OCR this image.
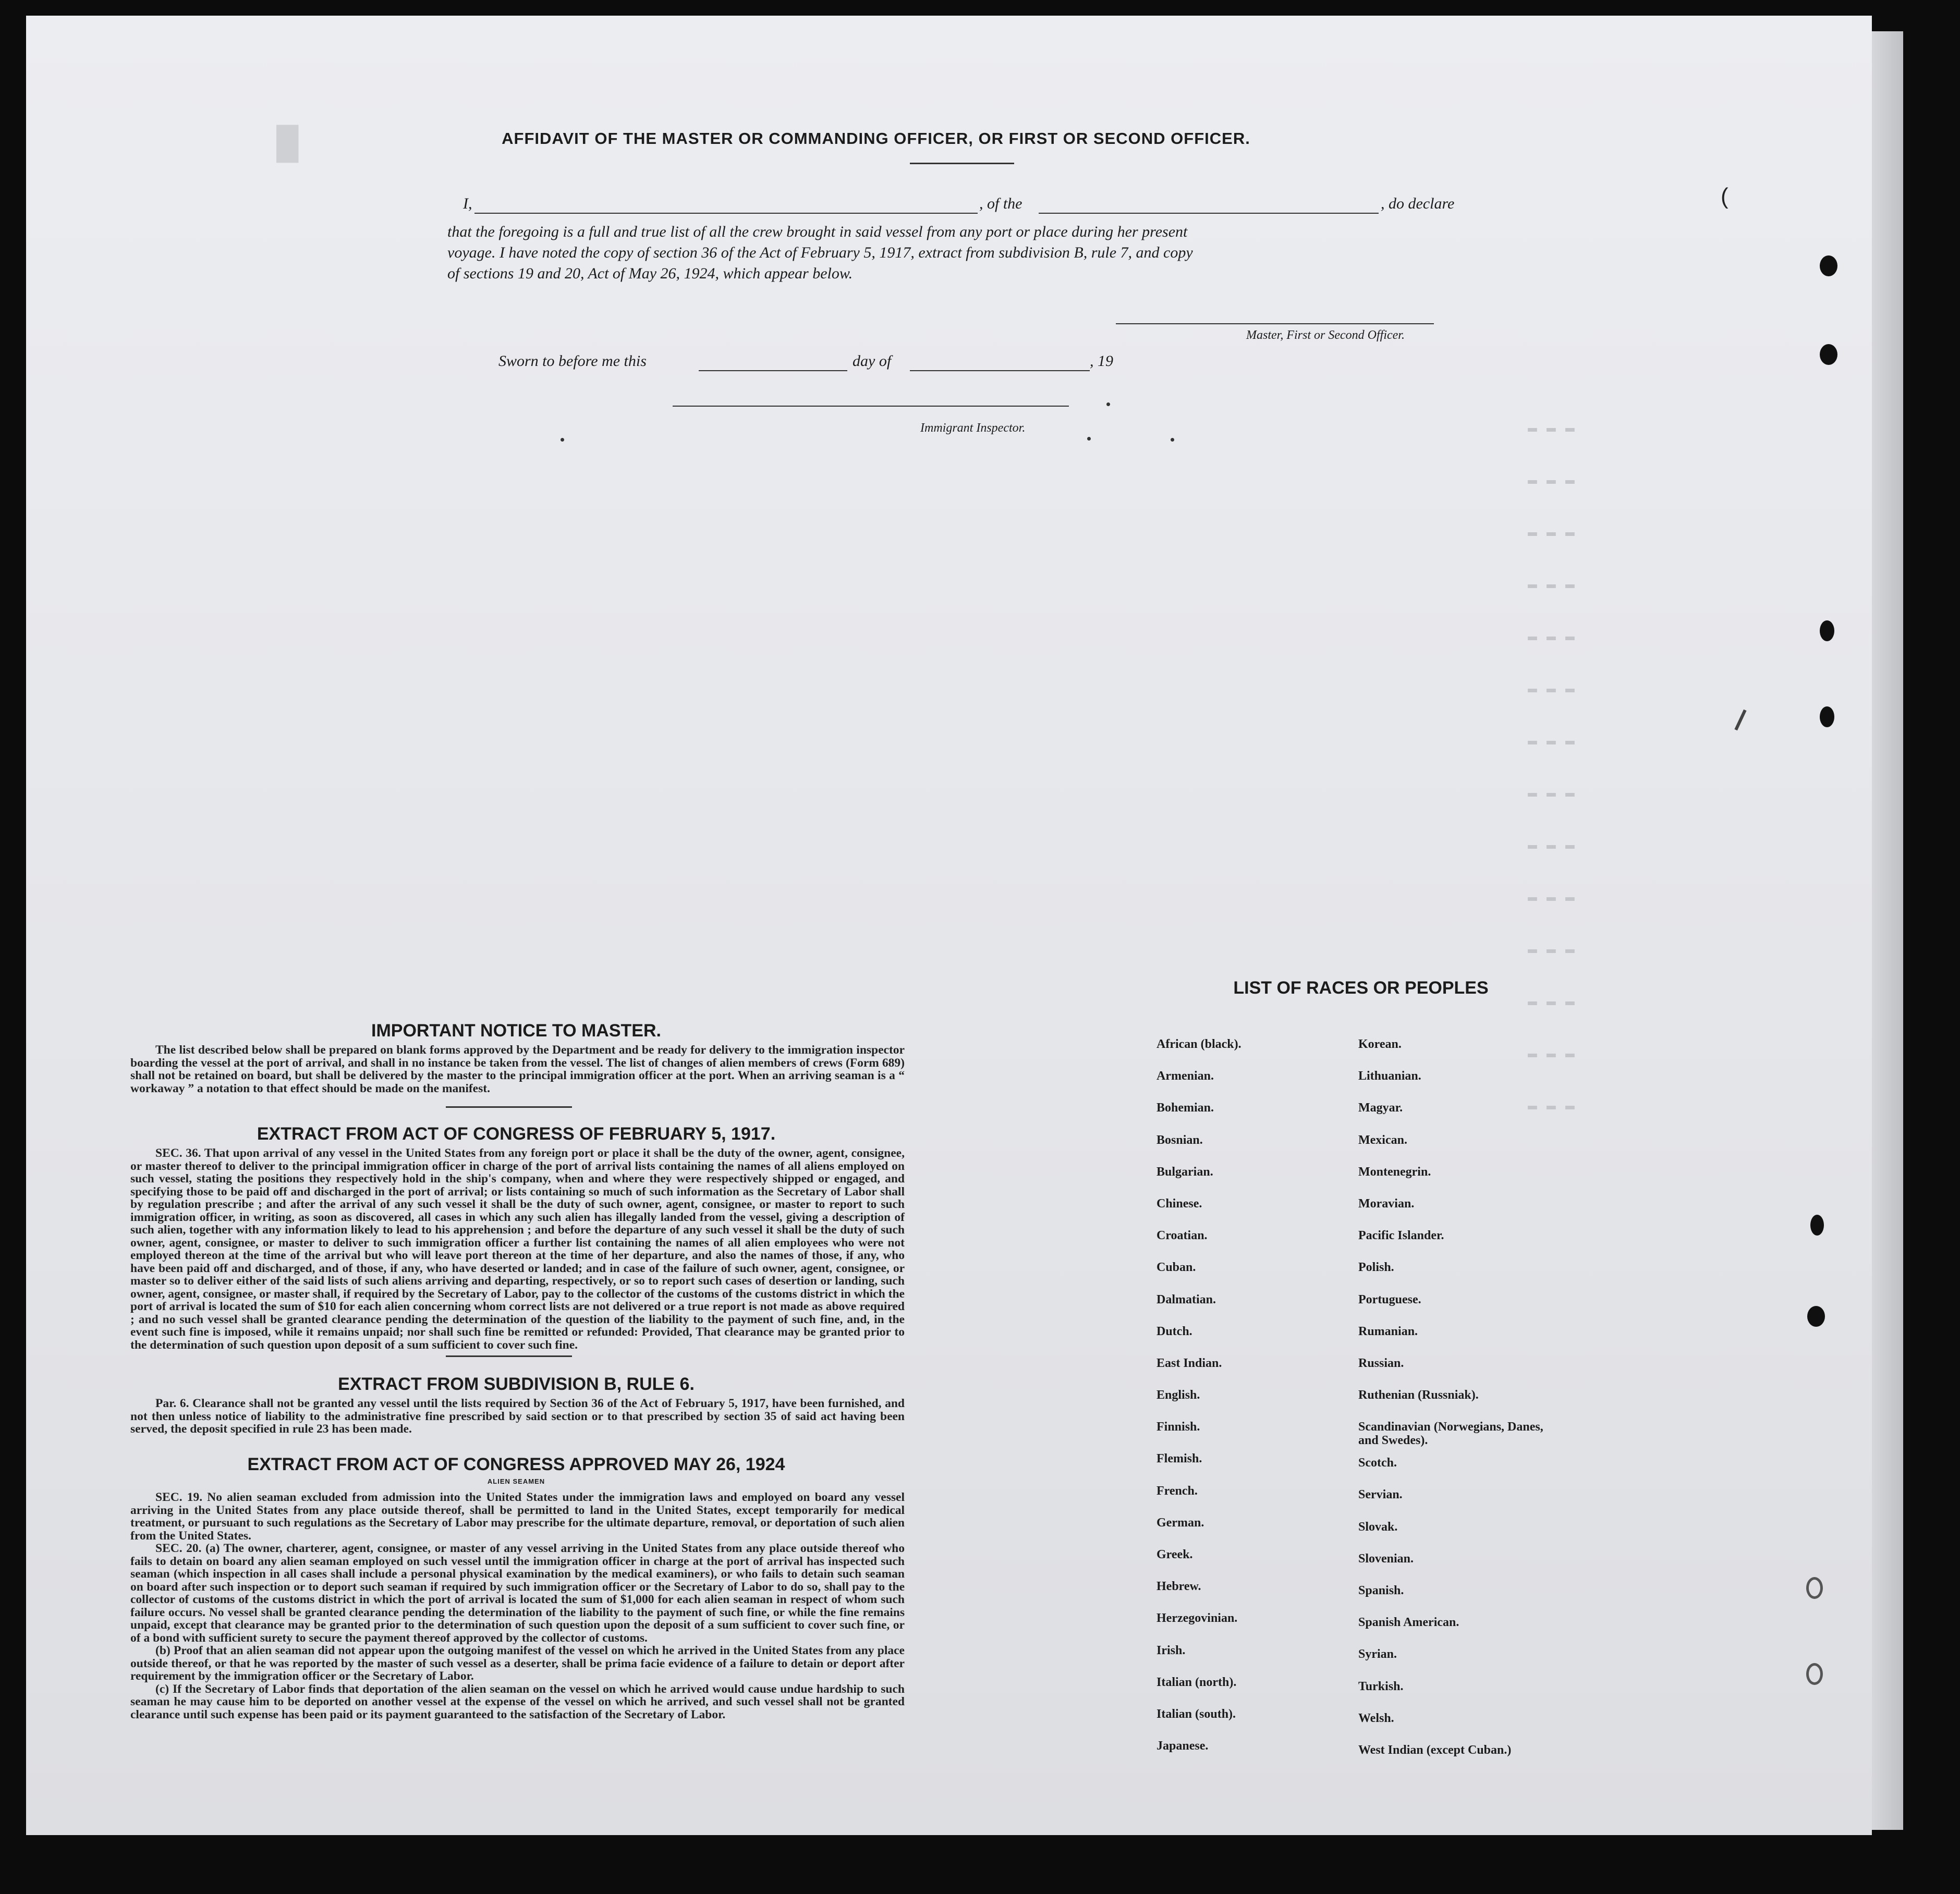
█
▬ ▬ ▬
▬ ▬ ▬
▬ ▬ ▬
▬ ▬ ▬
▬ ▬ ▬
▬ ▬ ▬
▬ ▬ ▬
▬ ▬ ▬
▬ ▬ ▬
▬ ▬ ▬
▬ ▬ ▬
▬ ▬ ▬
▬ ▬ ▬
▬ ▬ ▬
(
AFFIDAVIT OF THE MASTER OR COMMANDING OFFICER, OR FIRST OR SECOND OFFICER.
I,	, of the	, do declare
that the foregoing is a full and true list of all the crew brought in said vessel from any port or place during her present
voyage. I have noted the copy of section 36 of the Act of February 5, 1917, extract from subdivision B, rule 7, and copy
of sections 19 and 20, Act of May 26, 1924, which appear below.
Master, First or Second Officer.
Sworn to before me this	day of	, 19
Immigrant Inspector.
IMPORTANT NOTICE TO MASTER.

The list described below shall be prepared on blank forms approved by the Department and be ready for delivery to the immigration inspector boarding the vessel at the port of arrival, and shall in no instance be taken from the vessel. The list of changes of alien members of crews (Form 689) shall not be retained on board, but shall be delivered by the master to the principal immigration officer at the port. When an arriving seaman is a “ workaway ” a notation to that effect should be made on the manifest.

EXTRACT FROM ACT OF CONGRESS OF FEBRUARY 5, 1917.

SEC. 36. That upon arrival of any vessel in the United States from any foreign port or place it shall be the duty of the owner, agent, consignee, or master thereof to deliver to the principal immigration officer in charge of the port of arrival lists containing the names of all aliens employed on such vessel, stating the positions they respectively hold in the ship's company, when and where they were respectively shipped or engaged, and specifying those to be paid off and discharged in the port of arrival; or lists containing so much of such information as the Secretary of Labor shall by regulation prescribe ; and after the arrival of any such vessel it shall be the duty of such owner, agent, consignee, or master to report to such immigration officer, in writing, as soon as discovered, all cases in which any such alien has illegally landed from the vessel, giving a description of such alien, together with any information likely to lead to his apprehension ; and before the departure of any such vessel it shall be the duty of such owner, agent, consignee, or master to deliver to such immigration officer a further list containing the names of all alien employees who were not employed thereon at the time of the arrival but who will leave port thereon at the time of her departure, and also the names of those, if any, who have been paid off and discharged, and of those, if any, who have deserted or landed; and in case of the failure of such owner, agent, consignee, or master so to deliver either of the said lists of such aliens arriving and departing, respectively, or so to report such cases of desertion or landing, such owner, agent, consignee, or master shall, if required by the Secretary of Labor, pay to the collector of the customs of the customs district in which the port of arrival is located the sum of $10 for each alien concerning whom correct lists are not delivered or a true report is not made as above required ; and no such vessel shall be granted clearance pending the determination of the question of the liability to the payment of such fine, and, in the event such fine is imposed, while it remains unpaid; nor shall such fine be remitted or refunded: Provided, That clearance may be granted prior to the determination of such question upon deposit of a sum sufficient to cover such fine.

EXTRACT FROM SUBDIVISION B, RULE 6.

Par. 6. Clearance shall not be granted any vessel until the lists required by Section 36 of the Act of February 5, 1917, have been furnished, and not then unless notice of liability to the administrative fine prescribed by said section or to that prescribed by section 35 of said act having been served, the deposit specified in rule 23 has been made.

EXTRACT FROM ACT OF CONGRESS APPROVED MAY 26, 1924
ALIEN SEAMEN

SEC. 19. No alien seaman excluded from admission into the United States under the immigration laws and employed on board any vessel arriving in the United States from any place outside thereof, shall be permitted to land in the United States, except temporarily for medical treatment, or pursuant to such regulations as the Secretary of Labor may prescribe for the ultimate departure, removal, or deportation of such alien from the United States.

SEC. 20. (a) The owner, charterer, agent, consignee, or master of any vessel arriving in the United States from any place outside thereof who fails to detain on board any alien seaman employed on such vessel until the immigration officer in charge at the port of arrival has inspected such seaman (which inspection in all cases shall include a personal physical examination by the medical examiners), or who fails to detain such seaman on board after such inspection or to deport such seaman if required by such immigration officer or the Secretary of Labor to do so, shall pay to the collector of customs of the customs district in which the port of arrival is located the sum of $1,000 for each alien seaman in respect of whom such failure occurs. No vessel shall be granted clearance pending the determination of the liability to the payment of such fine, or while the fine remains unpaid, except that clearance may be granted prior to the determination of such question upon the deposit of a sum sufficient to cover such fine, or of a bond with sufficient surety to secure the payment thereof approved by the collector of customs.

(b) Proof that an alien seaman did not appear upon the outgoing manifest of the vessel on which he arrived in the United States from any place outside thereof, or that he was reported by the master of such vessel as a deserter, shall be prima facie evidence of a failure to detain or deport after requirement by the immigration officer or the Secretary of Labor.

(c) If the Secretary of Labor finds that deportation of the alien seaman on the vessel on which he arrived would cause undue hardship to such seaman he may cause him to be deported on another vessel at the expense of the vessel on which he arrived, and such vessel shall not be granted clearance until such expense has been paid or its payment guaranteed to the satisfaction of the Secretary of Labor.

LIST OF RACES OR PEOPLES
African (black).
Armenian.
Bohemian.
Bosnian.
Bulgarian.
Chinese.
Croatian.
Cuban.
Dalmatian.
Dutch.
East Indian.
English.
Finnish.
Flemish.
French.
German.
Greek.
Hebrew.
Herzegovinian.
Irish.
Italian (north).
Italian (south).
Japanese.
Korean.
Lithuanian.
Magyar.
Mexican.
Montenegrin.
Moravian.
Pacific Islander.
Polish.
Portuguese.
Rumanian.
Russian.
Ruthenian (Russniak).
Scandinavian (Norwegians, Danes, and Swedes).
Scotch.
Servian.
Slovak.
Slovenian.
Spanish.
Spanish American.
Syrian.
Turkish.
Welsh.
West Indian (except Cuban.)
